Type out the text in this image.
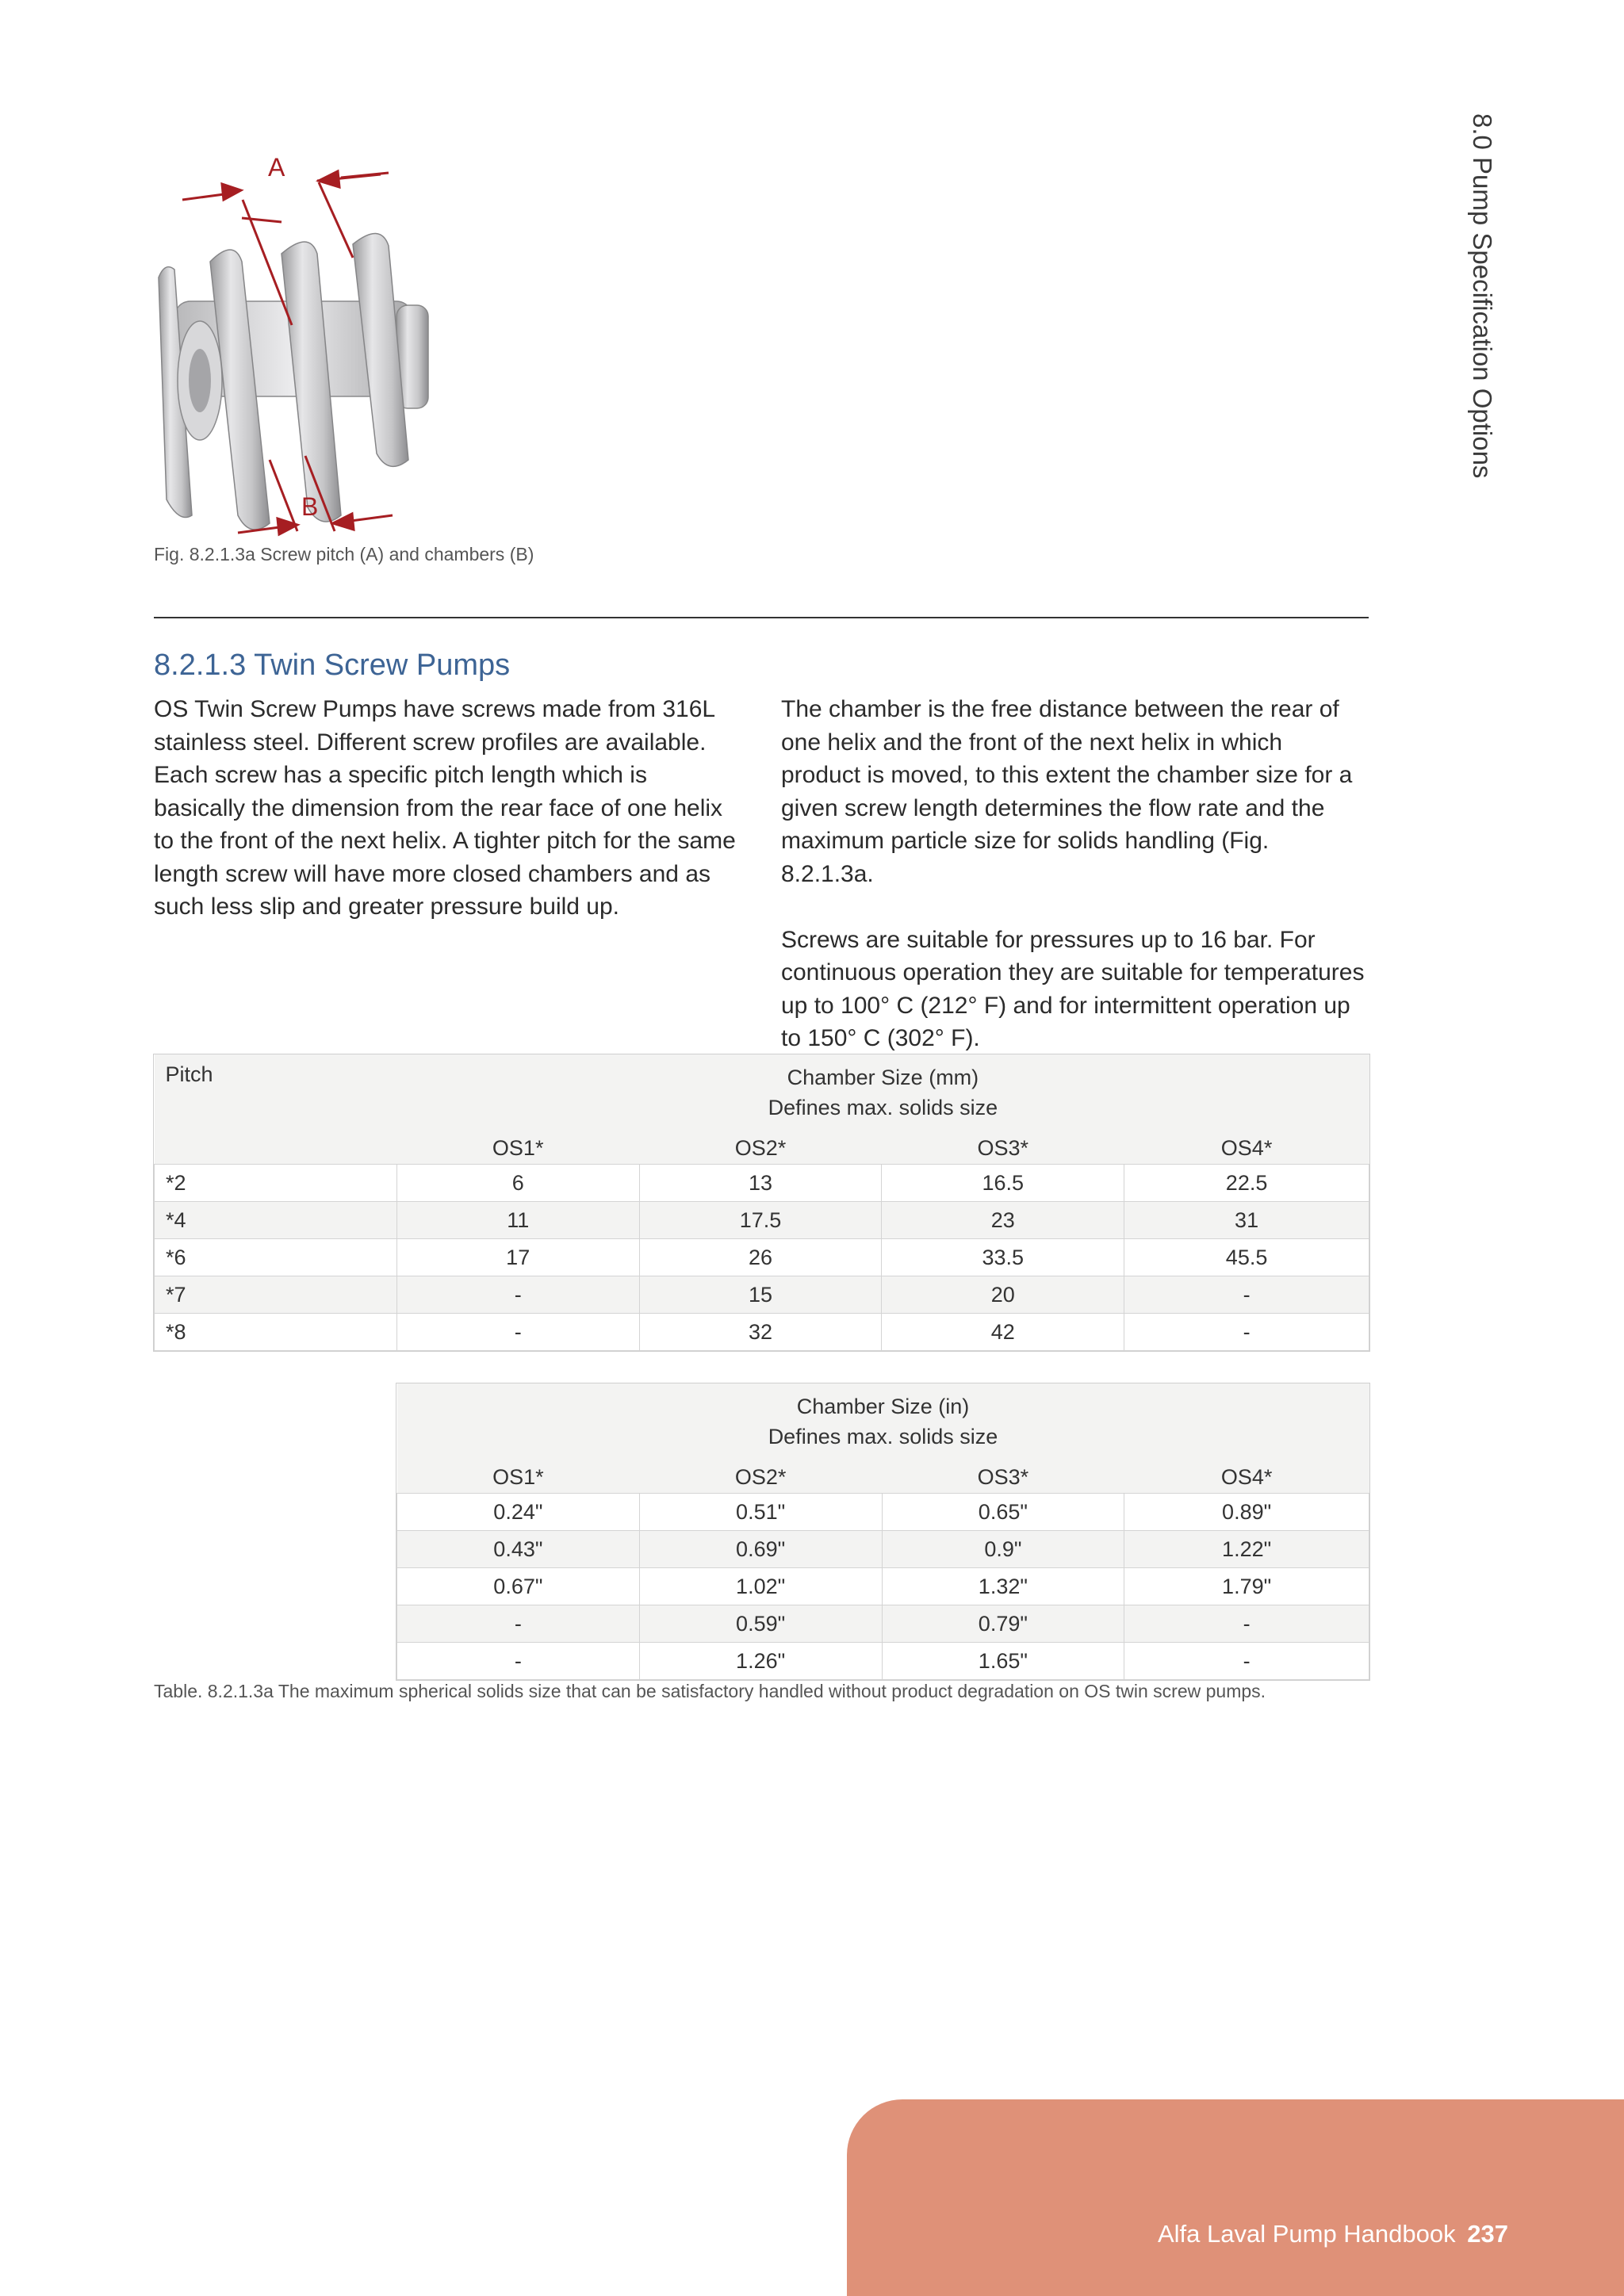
8.0 Pump Specification Options
A
B
Fig. 8.2.1.3a Screw pitch (A) and chambers (B)
8.2.1.3 Twin Screw Pumps

OS Twin Screw Pumps have screws made from 316L stainless steel. Different screw profiles are available. Each screw has a specific pitch length which is basically the dimension from the rear face of one helix to the front of the next helix. A tighter pitch for the same length screw will have more closed chambers and as such less slip and greater pressure build up.

The chamber is the free distance between the rear of one helix and the front of the next helix in which product is moved, to this extent the chamber size for a given screw length determines the flow rate and the maximum particle size for solids handling (Fig. 8.2.1.3a.

Screws are suitable for pressures up to 16 bar. For continuous operation they are suitable for temperatures up to 100° C (212° F) and for intermittent operation up to 150° C (302° F).

Pitch	Chamber Size (mm)
Defines max. solids size			

	OS1*	OS2*	OS3*	OS4*
*2	6	13	16.5	22.5
*4	11	17.5	23	31
*6	17	26	33.5	45.5
*7	-	15	20	-
*8	-	32	42	-
Chamber Size (in)
Defines max. solids size			

OS1*	OS2*	OS3*	OS4*
0.24"	0.51"	0.65"	0.89"
0.43"	0.69"	0.9"	1.22"
0.67"	1.02"	1.32"	1.79"
-	0.59"	0.79"	-
-	1.26"	1.65"	-
Table. 8.2.1.3a The maximum spherical solids size that can be satisfactory handled without product degradation on OS twin screw pumps.
Alfa Laval Pump Handbook 237
